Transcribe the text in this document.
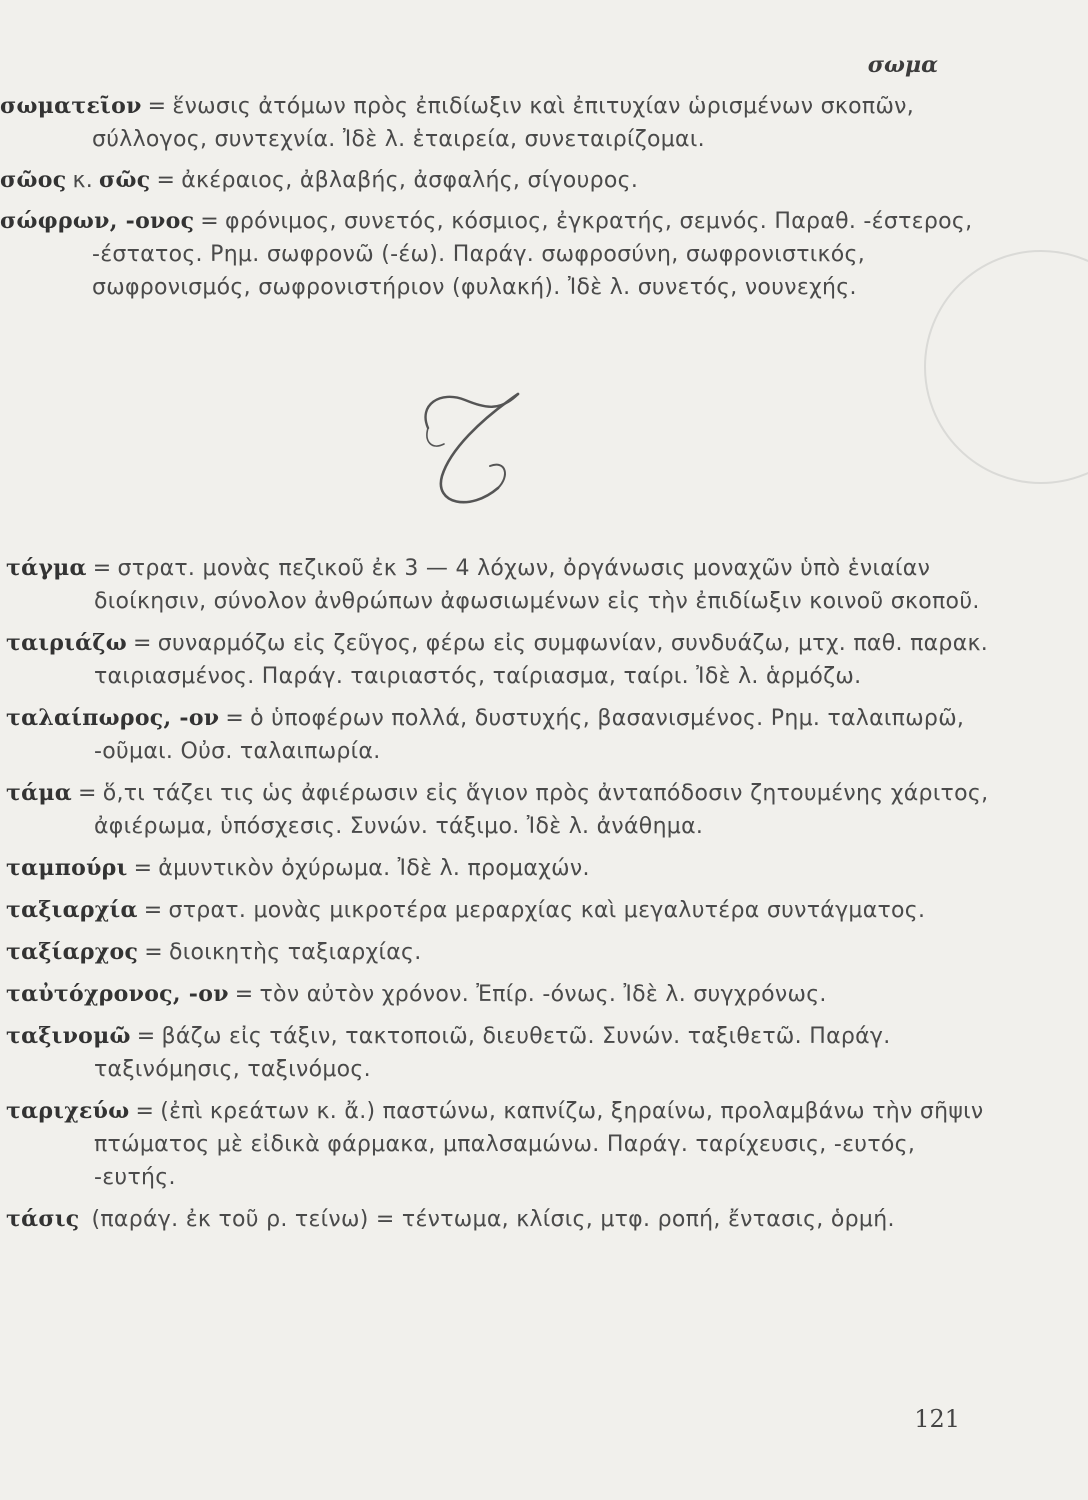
σωμα

σωματεῖον = ἕνωσις ἀτόμων πρὸς ἐπιδίωξιν καὶ ἐπιτυχίαν ὡρισμένων σκοπῶν, σύλλογος, συντεχνία. Ἰδὲ λ. ἑταιρεία, συνεταιρίζομαι.

σῶος κ. σῶς = ἀκέραιος, ἀβλαβής, ἀσφαλής, σίγουρος.

σώφρων, -ονος = φρόνιμος, συνετός, κόσμιος, ἐγκρατής, σεμνός. Παραθ. -έστερος, -έστατος. Ρημ. σωφρονῶ (-έω). Παράγ. σωφροσύνη, σωφρονιστικός, σωφρονισμός, σωφρονιστήριον (φυλακή). Ἰδὲ λ. συνετός, νουνεχής.

τάγμα = στρατ. μονὰς πεζικοῦ ἐκ 3 — 4 λόχων, ὀργάνωσις μοναχῶν ὑπὸ ἑνιαίαν διοίκησιν, σύνολον ἀνθρώπων ἀφωσιωμένων εἰς τὴν ἐπιδίωξιν κοινοῦ σκοποῦ.

ταιριάζω = συναρμόζω εἰς ζεῦγος, φέρω εἰς συμφωνίαν, συνδυάζω, μτχ. παθ. παρακ. ταιριασμένος. Παράγ. ταιριαστός, ταίριασμα, ταίρι. Ἰδὲ λ. ἁρμόζω.

ταλαίπωρος, -ον = ὁ ὑποφέρων πολλά, δυστυχής, βασανισμένος. Ρημ. ταλαιπωρῶ, -οῦμαι. Οὐσ. ταλαιπωρία.

τάμα = ὅ,τι τάζει τις ὡς ἀφιέρωσιν εἰς ἅγιον πρὸς ἀνταπόδοσιν ζητουμένης χάριτος, ἀφιέρωμα, ὑπόσχεσις. Συνών. τάξιμο. Ἰδὲ λ. ἀνάθημα.

ταμπούρι = ἀμυντικὸν ὀχύρωμα. Ἰδὲ λ. προμαχών.

ταξιαρχία = στρατ. μονὰς μικροτέρα μεραρχίας καὶ μεγαλυτέρα συντάγματος.

ταξίαρχος = διοικητὴς ταξιαρχίας.

ταὐτόχρονος, -ον = τὸν αὐτὸν χρόνον. Ἐπίρ. -όνως. Ἰδὲ λ. συγχρόνως.

ταξινομῶ = βάζω εἰς τάξιν, τακτοποιῶ, διευθετῶ. Συνών. ταξιθετῶ. Παράγ. ταξινόμησις, ταξινόμος.

ταριχεύω = (ἐπὶ κρεάτων κ. ἄ.) παστώνω, καπνίζω, ξηραίνω, προλαμβάνω τὴν σῆψιν πτώματος μὲ εἰδικὰ φάρμακα, μπαλσαμώνω. Παράγ. ταρίχευσις, -ευτός, -ευτής.

τάσις (παράγ. ἐκ τοῦ ρ. τείνω) = τέντωμα, κλίσις, μτφ. ροπή, ἔντασις, ὁρμή.

121
